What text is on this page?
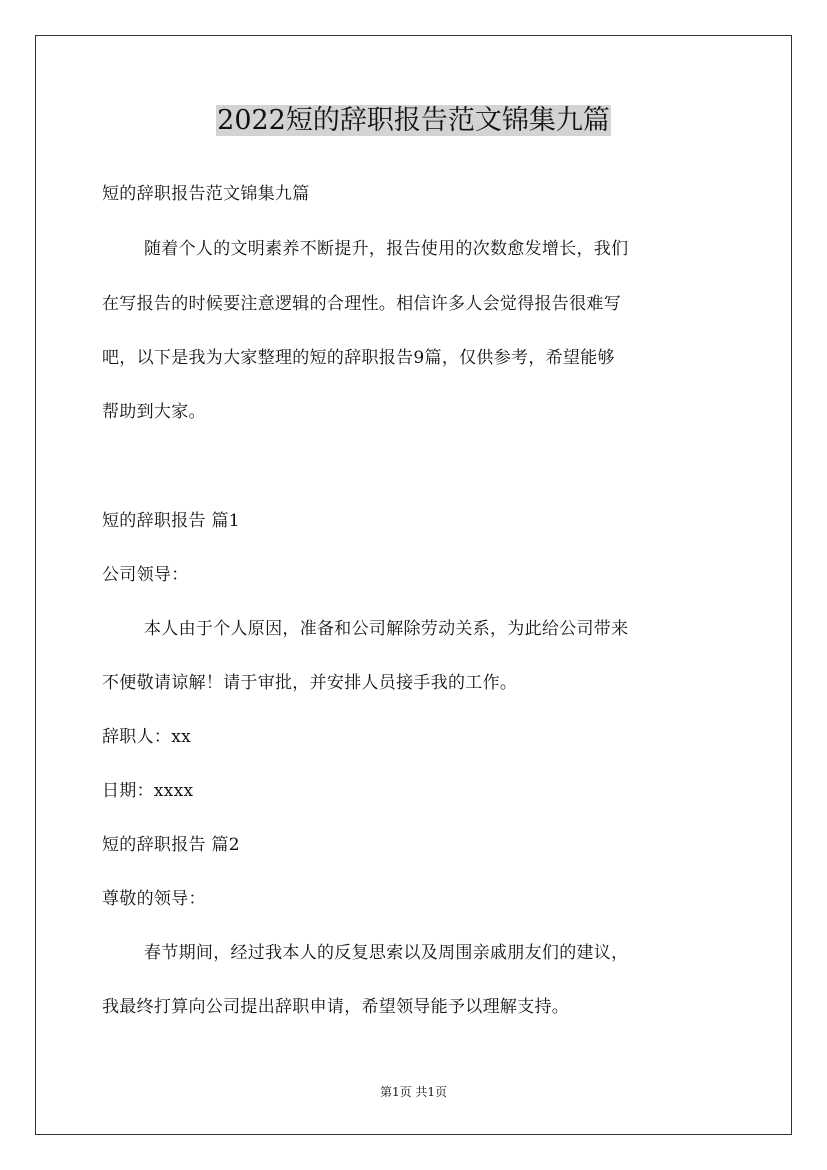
2022短的辞职报告范文锦集九篇
短的辞职报告范文锦集九篇
随着个人的文明素养不断提升，报告使用的次数愈发增长，我们
在写报告的时候要注意逻辑的合理性。相信许多人会觉得报告很难写
吧，以下是我为大家整理的短的辞职报告9篇，仅供参考，希望能够
帮助到大家。
短的辞职报告 篇1
公司领导：
本人由于个人原因，准备和公司解除劳动关系，为此给公司带来
不便敬请谅解！请于审批，并安排人员接手我的工作。
辞职人：xx
日期：xxxx
短的辞职报告 篇2
尊敬的领导：
春节期间，经过我本人的反复思索以及周围亲戚朋友们的建议，
我最终打算向公司提出辞职申请，希望领导能予以理解支持。
第1页 共1页
